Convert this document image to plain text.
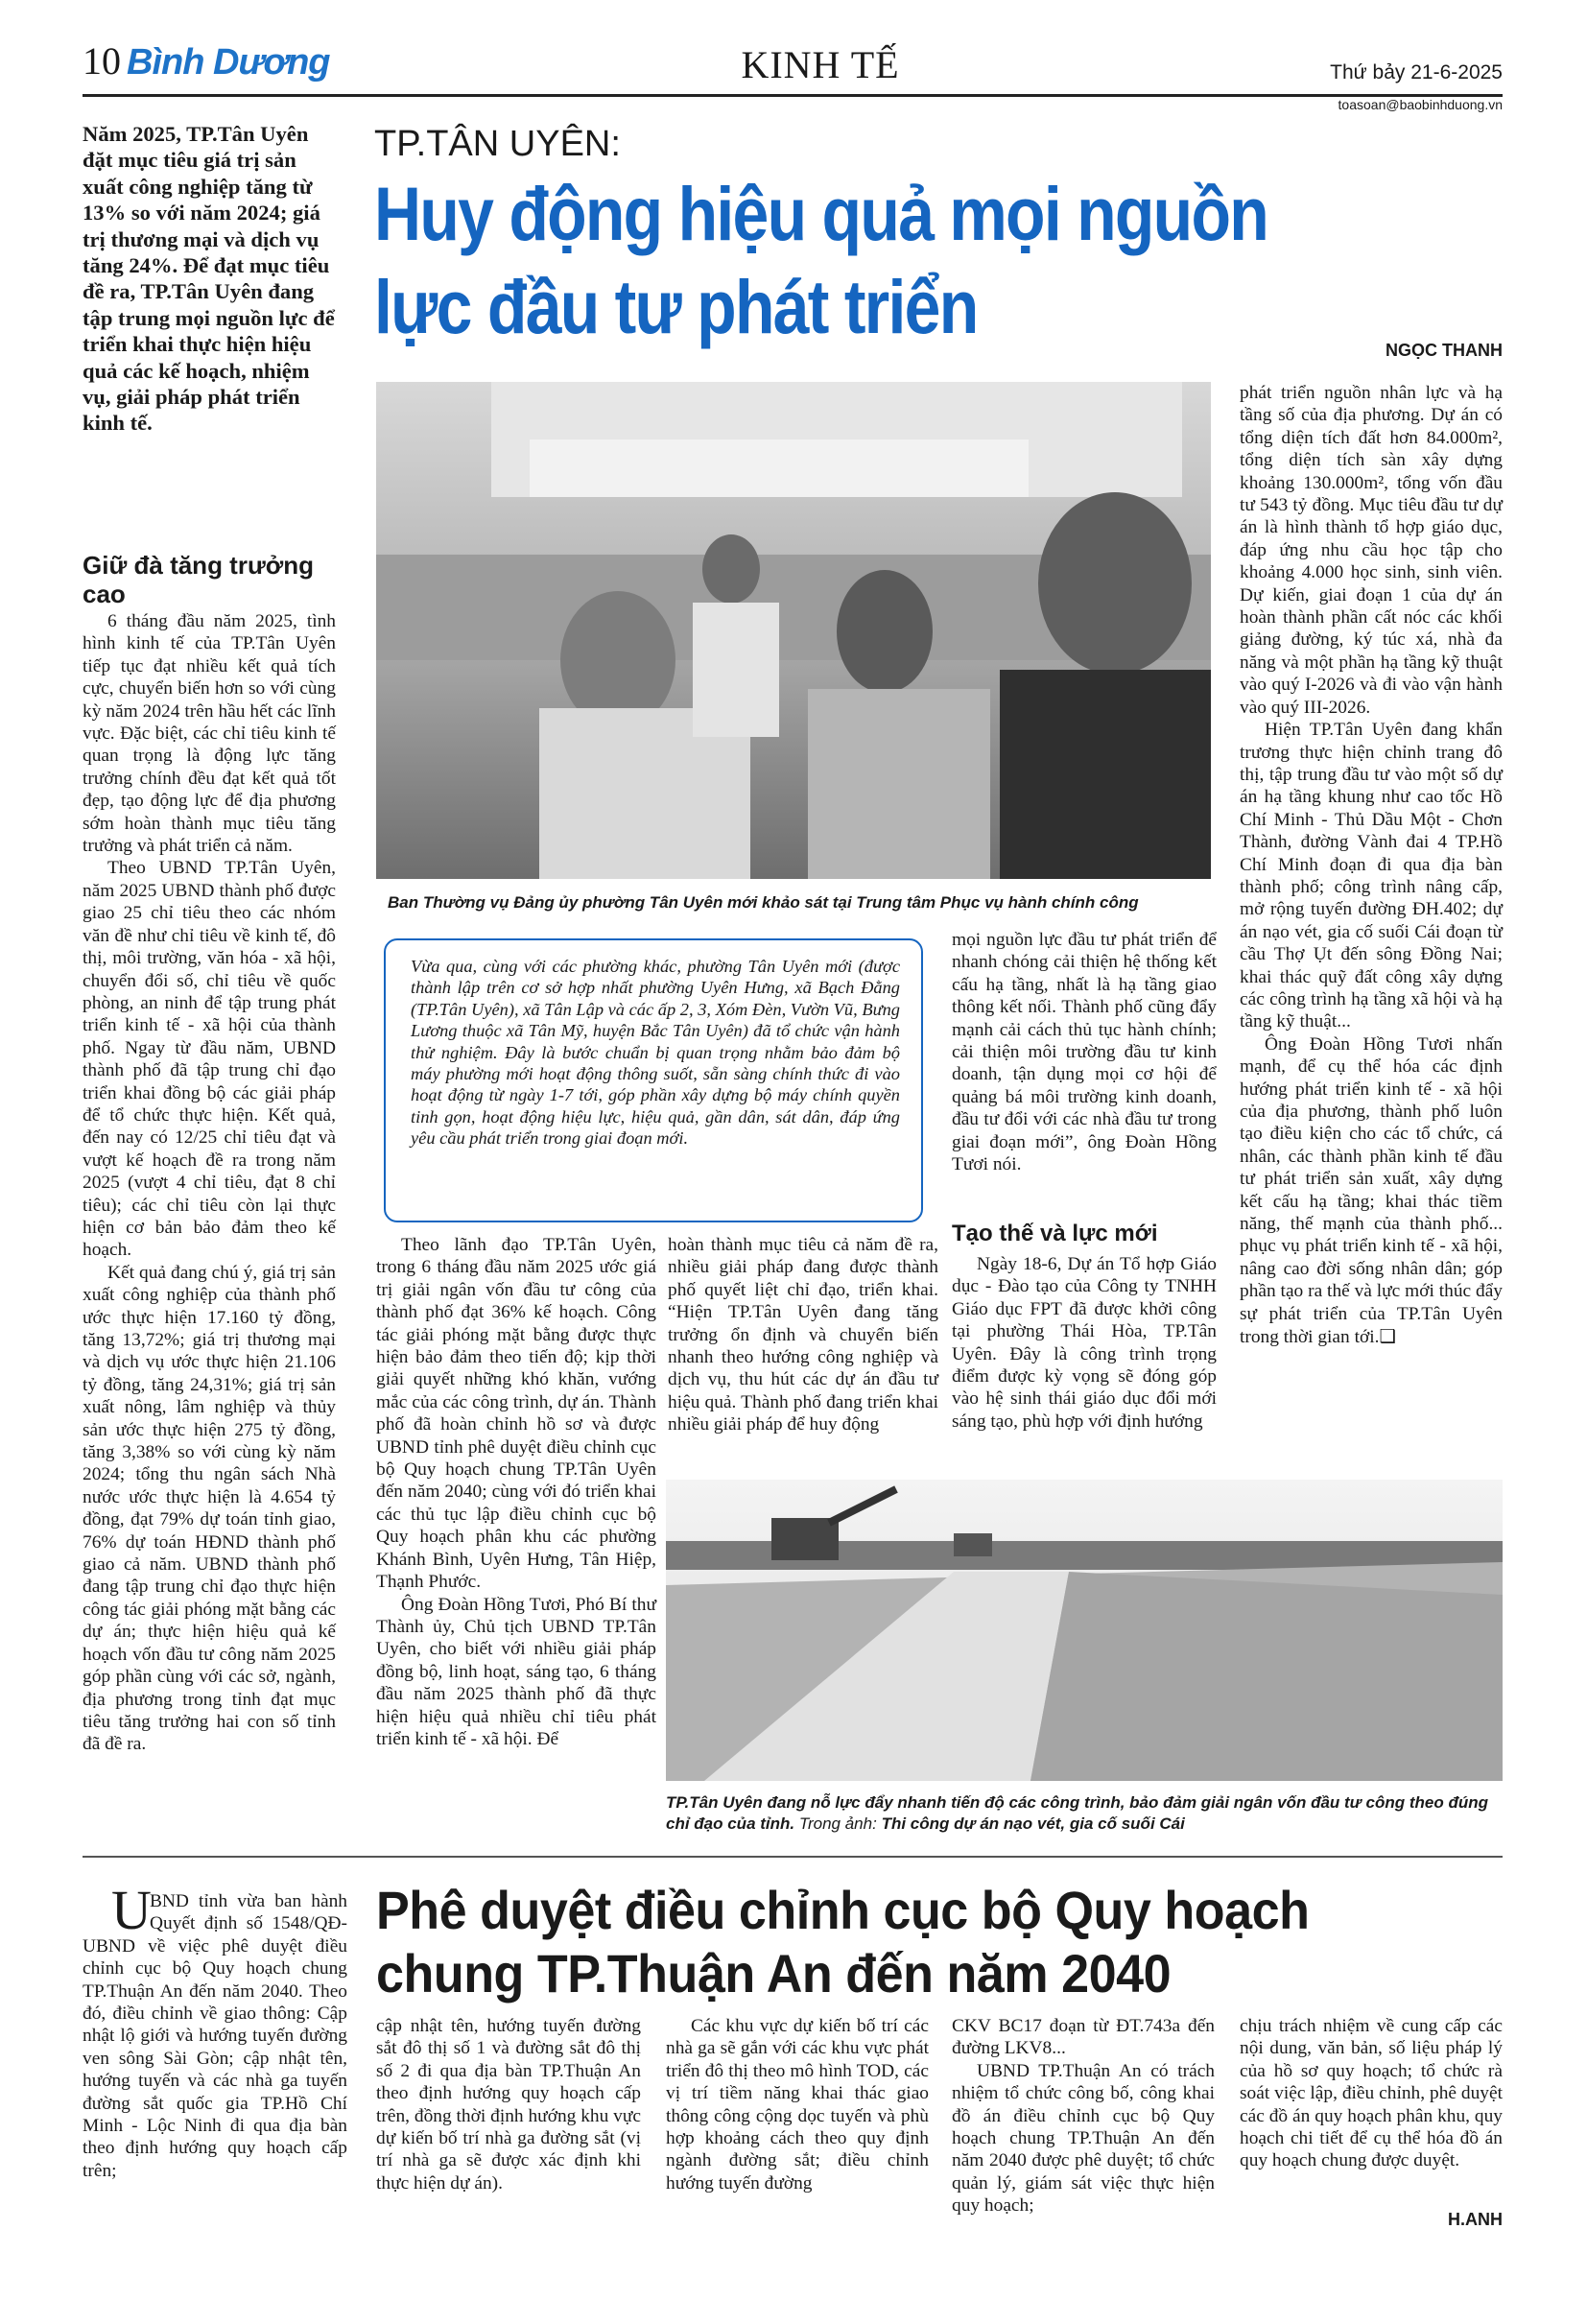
10 Bình Dương	KINH TẾ	Thứ bảy 21-6-2025
toasoan@baobinhduong.vn
Năm 2025, TP.Tân Uyên đặt mục tiêu giá trị sản xuất công nghiệp tăng từ 13% so với năm 2024; giá trị thương mại và dịch vụ tăng 24%. Để đạt mục tiêu đề ra, TP.Tân Uyên đang tập trung mọi nguồn lực để triển khai thực hiện hiệu quả các kế hoạch, nhiệm vụ, giải pháp phát triển kinh tế.
TP.TÂN UYÊN:
Huy động hiệu quả mọi nguồn lực đầu tư phát triển
NGỌC THANH
Giữ đà tăng trưởng cao

6 tháng đầu năm 2025, tình hình kinh tế của TP.Tân Uyên tiếp tục đạt nhiều kết quả tích cực, chuyển biến hơn so với cùng kỳ năm 2024 trên hầu hết các lĩnh vực. Đặc biệt, các chỉ tiêu kinh tế quan trọng là động lực tăng trưởng chính đều đạt kết quả tốt đẹp, tạo động lực để địa phương sớm hoàn thành mục tiêu tăng trưởng và phát triển cả năm.

Theo UBND TP.Tân Uyên, năm 2025 UBND thành phố được giao 25 chỉ tiêu theo các nhóm văn đề như chỉ tiêu về kinh tế, đô thị, môi trường, văn hóa - xã hội, chuyển đổi số, chỉ tiêu về quốc phòng, an ninh để tập trung phát triển kinh tế - xã hội của thành phố. Ngay từ đầu năm, UBND thành phố đã tập trung chỉ đạo triển khai đồng bộ các giải pháp để tổ chức thực hiện. Kết quả, đến nay có 12/25 chỉ tiêu đạt và vượt kế hoạch đề ra trong năm 2025 (vượt 4 chỉ tiêu, đạt 8 chỉ tiêu); các chỉ tiêu còn lại thực hiện cơ bản bảo đảm theo kế hoạch.

Kết quả đang chú ý, giá trị sản xuất công nghiệp của thành phố ước thực hiện 17.160 tỷ đồng, tăng 13,72%; giá trị thương mại và dịch vụ ước thực hiện 21.106 tỷ đồng, tăng 24,31%; giá trị sản xuất nông, lâm nghiệp và thủy sản ước thực hiện 275 tỷ đồng, tăng 3,38% so với cùng kỳ năm 2024; tổng thu ngân sách Nhà nước ước thực hiện là 4.654 tỷ đồng, đạt 79% dự toán tỉnh giao, 76% dự toán HĐND thành phố giao cả năm. UBND thành phố đang tập trung chỉ đạo thực hiện công tác giải phóng mặt bằng các dự án; thực hiện hiệu quả kế hoạch vốn đầu tư công năm 2025 góp phần cùng với các sở, ngành, địa phương trong tỉnh đạt mục tiêu tăng trưởng hai con số tỉnh đã đề ra.

Ban Thường vụ Đảng ủy phường Tân Uyên mới khảo sát tại Trung tâm Phục vụ hành chính công
Vừa qua, cùng với các phường khác, phường Tân Uyên mới (được thành lập trên cơ sở hợp nhất phường Uyên Hưng, xã Bạch Đằng (TP.Tân Uyên), xã Tân Lập và các ấp 2, 3, Xóm Đèn, Vườn Vũ, Bưng Lương thuộc xã Tân Mỹ, huyện Bắc Tân Uyên) đã tổ chức vận hành thử nghiệm. Đây là bước chuẩn bị quan trọng nhằm bảo đảm bộ máy phường mới hoạt động thông suốt, sẵn sàng chính thức đi vào hoạt động từ ngày 1-7 tới, góp phần xây dựng bộ máy chính quyền tinh gọn, hoạt động hiệu lực, hiệu quả, gần dân, sát dân, đáp ứng yêu cầu phát triển trong giai đoạn mới.

Theo lãnh đạo TP.Tân Uyên, trong 6 tháng đầu năm 2025 ước giá trị giải ngân vốn đầu tư công của thành phố đạt 36% kế hoạch. Công tác giải phóng mặt bằng được thực hiện bảo đảm theo tiến độ; kịp thời giải quyết những khó khăn, vướng mắc của các công trình, dự án. Thành phố đã hoàn chỉnh hồ sơ và được UBND tỉnh phê duyệt điều chỉnh cục bộ Quy hoạch chung TP.Tân Uyên đến năm 2040; cùng với đó triển khai các thủ tục lập điều chỉnh cục bộ Quy hoạch phân khu các phường Khánh Bình, Uyên Hưng, Tân Hiệp, Thạnh Phước.

Ông Đoàn Hồng Tươi, Phó Bí thư Thành ủy, Chủ tịch UBND TP.Tân Uyên, cho biết với nhiều giải pháp đồng bộ, linh hoạt, sáng tạo, 6 tháng đầu năm 2025 thành phố đã thực hiện hiệu quả nhiều chỉ tiêu phát triển kinh tế - xã hội. Để

hoàn thành mục tiêu cả năm đề ra, nhiều giải pháp đang được thành phố quyết liệt chỉ đạo, triển khai. “Hiện TP.Tân Uyên đang tăng trưởng ổn định và chuyển biến nhanh theo hướng công nghiệp và dịch vụ, thu hút các dự án đầu tư hiệu quả. Thành phố đang triển khai nhiều giải pháp để huy động

mọi nguồn lực đầu tư phát triển để nhanh chóng cải thiện hệ thống kết cấu hạ tầng, nhất là hạ tầng giao thông kết nối. Thành phố cũng đẩy mạnh cải cách thủ tục hành chính; cải thiện môi trường đầu tư kinh doanh, tận dụng mọi cơ hội để quảng bá môi trường kinh doanh, đầu tư đổi với các nhà đầu tư trong giai đoạn mới”, ông Đoàn Hồng Tươi nói.

Tạo thế và lực mới

Ngày 18-6, Dự án Tổ hợp Giáo dục - Đào tạo của Công ty TNHH Giáo dục FPT đã được khởi công tại phường Thái Hòa, TP.Tân Uyên. Đây là công trình trọng điểm được kỳ vọng sẽ đóng góp vào hệ sinh thái giáo dục đổi mới sáng tạo, phù hợp với định hướng

phát triển nguồn nhân lực và hạ tầng số của địa phương. Dự án có tổng diện tích đất hơn 84.000m², tổng diện tích sàn xây dựng khoảng 130.000m², tổng vốn đầu tư 543 tỷ đồng. Mục tiêu đầu tư dự án là hình thành tổ hợp giáo dục, đáp ứng nhu cầu học tập cho khoảng 4.000 học sinh, sinh viên. Dự kiến, giai đoạn 1 của dự án hoàn thành phần cất nóc các khối giảng đường, ký túc xá, nhà đa năng và một phần hạ tầng kỹ thuật vào quý I-2026 và đi vào vận hành vào quý III-2026.

Hiện TP.Tân Uyên đang khẩn trương thực hiện chỉnh trang đô thị, tập trung đầu tư vào một số dự án hạ tầng khung như cao tốc Hồ Chí Minh - Thủ Dầu Một - Chơn Thành, đường Vành đai 4 TP.Hồ Chí Minh đoạn đi qua địa bàn thành phố; công trình nâng cấp, mở rộng tuyến đường ĐH.402; dự án nạo vét, gia cố suối Cái đoạn từ cầu Thợ Ụt đến sông Đồng Nai; khai thác quỹ đất công xây dựng các công trình hạ tầng xã hội và hạ tầng kỹ thuật...

Ông Đoàn Hồng Tươi nhấn mạnh, để cụ thể hóa các định hướng phát triển kinh tế - xã hội của địa phương, thành phố luôn tạo điều kiện cho các tổ chức, cá nhân, các thành phần kinh tế đầu tư phát triển sản xuất, xây dựng kết cấu hạ tầng; khai thác tiềm năng, thế mạnh của thành phố... phục vụ phát triển kinh tế - xã hội, nâng cao đời sống nhân dân; góp phần tạo ra thế và lực mới thúc đẩy sự phát triển của TP.Tân Uyên trong thời gian tới.❑

TP.Tân Uyên đang nỗ lực đẩy nhanh tiến độ các công trình, bảo đảm giải ngân vốn đầu tư công theo đúng chỉ đạo của tỉnh. Trong ảnh: Thi công dự án nạo vét, gia cố suối Cái
U
BND tỉnh vừa ban hành Quyết định số 1548/QĐ-UBND về việc phê duyệt điều chỉnh cục bộ Quy hoạch chung TP.Thuận An đến năm 2040. Theo đó, điều chỉnh về giao thông: Cập nhật lộ giới và hướng tuyến đường ven sông Sài Gòn; cập nhật tên, hướng tuyến và các nhà ga tuyến đường sắt quốc gia TP.Hồ Chí Minh - Lộc Ninh đi qua địa bàn theo định hướng quy hoạch cấp trên;
Phê duyệt điều chỉnh cục bộ Quy hoạch chung TP.Thuận An đến năm 2040

cập nhật tên, hướng tuyến đường sắt đô thị số 1 và đường sắt đô thị số 2 đi qua địa bàn TP.Thuận An theo định hướng quy hoạch cấp trên, đồng thời định hướng khu vực dự kiến bố trí nhà ga đường sắt (vị trí nhà ga sẽ được xác định khi thực hiện dự án).

Các khu vực dự kiến bố trí các nhà ga sẽ gắn với các khu vực phát triển đô thị theo mô hình TOD, các vị trí tiềm năng khai thác giao thông công cộng dọc tuyến và phù hợp khoảng cách theo quy định ngành đường sắt; điều chỉnh hướng tuyến đường

CKV BC17 đoạn từ ĐT.743a đến đường LKV8...

UBND TP.Thuận An có trách nhiệm tổ chức công bố, công khai đồ án điều chỉnh cục bộ Quy hoạch chung TP.Thuận An đến năm 2040 được phê duyệt; tổ chức quản lý, giám sát việc thực hiện quy hoạch;

chịu trách nhiệm về cung cấp các nội dung, văn bản, số liệu pháp lý của hồ sơ quy hoạch; tổ chức rà soát việc lập, điều chỉnh, phê duyệt các đồ án quy hoạch phân khu, quy hoạch chi tiết để cụ thể hóa đồ án quy hoạch chung được duyệt.

H.ANH
